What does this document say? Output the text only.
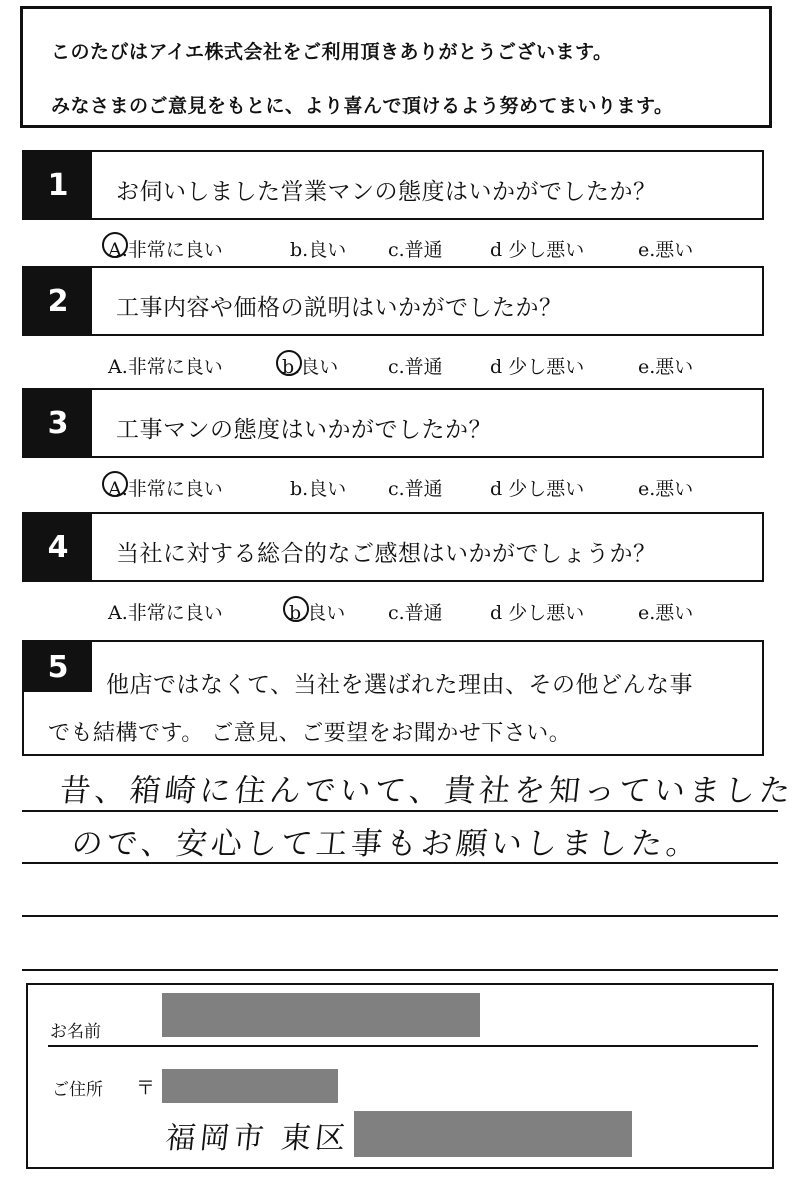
このたびはアイエ株式会社をご利用頂きありがとうございます。
みなさまのご意見をもとに、より喜んで頂けるよう努めてまいります。
1	お伺いしました営業マンの態度はいかがでしたか？
A.非常に良い	b.良い c.普通 d 少し悪い	e.悪い
2	工事内容や価格の説明はいかがでしたか？
A.非常に良い	b.良い	c.普通 d 少し悪い	e.悪い
3	工事マンの態度はいかがでしたか？
A.非常に良い	b.良い c.普通 d 少し悪い	e.悪い
4	当社に対する総合的なご感想はいかがでしょうか？
A.非常に良い	b.良い c.普通 d 少し悪い	e.悪い
5
他店ではなくて、当社を選ばれた理由、その他どんな事
でも結構です。 ご意見、ご要望をお聞かせ下さい。
昔、箱崎に住んでいて、貴社を知っていました
ので、安心して工事もお願いしました。
お名前
ご住所 〒
福岡市 東区
